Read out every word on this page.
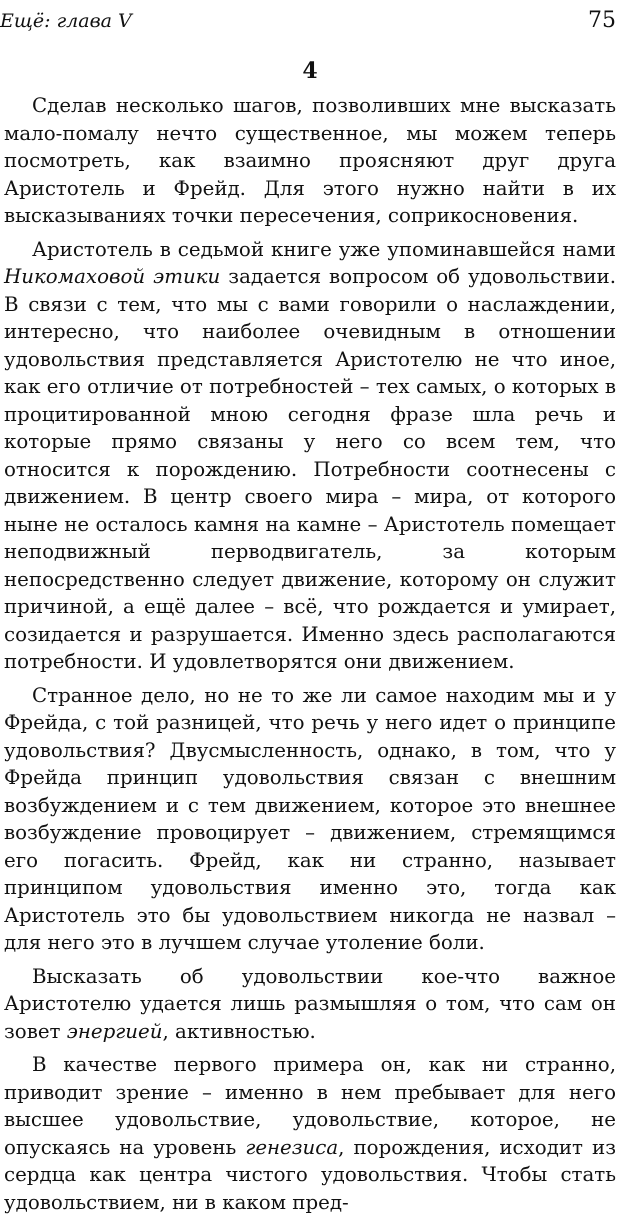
Ещё: глава V	75
4

Сделав несколько шагов, позволивших мне высказать мало-помалу нечто существенное, мы можем теперь посмотреть, как взаимно проясняют друг друга Аристотель и Фрейд. Для этого нужно найти в их высказываниях точки пересечения, соприкосновения.

Аристотель в седьмой книге уже упоминавшейся нами Никомаховой этики задается вопросом об удовольствии. В связи с тем, что мы с вами говорили о наслаждении, интересно, что наиболее очевидным в отношении удовольствия представляется Аристотелю не что иное, как его отличие от потребностей – тех самых, о которых в процитированной мною сегодня фразе шла речь и которые прямо связаны у него со всем тем, что относится к порождению. Потребности соотнесены с движением. В центр своего мира – мира, от которого ныне не осталось камня на камне – Аристотель помещает неподвижный перводвигатель, за которым непосредственно следует движение, которому он служит причиной, а ещё далее – всё, что рождается и умирает, созидается и разрушается. Именно здесь располагаются потребности. И удовлетворятся они движением.

Странное дело, но не то же ли самое находим мы и у Фрейда, с той разницей, что речь у него идет о принципе удовольствия? Двусмысленность, однако, в том, что у Фрейда принцип удовольствия связан с внешним возбуждением и с тем движением, которое это внешнее возбуждение провоцирует – движением, стремящимся его погасить. Фрейд, как ни странно, называет принципом удовольствия именно это, тогда как Аристотель это бы удовольствием никогда не назвал – для него это в лучшем случае утоление боли.

Высказать об удовольствии кое-что важное Аристотелю удается лишь размышляя о том, что сам он зовет энергией, активностью.

В качестве первого примера он, как ни странно, приводит зрение – именно в нем пребывает для него высшее удовольствие, удовольствие, которое, не опускаясь на уровень генезиса, порождения, исходит из сердца как центра чистого удовольствия. Чтобы стать удовольствием, ни в каком пред-
